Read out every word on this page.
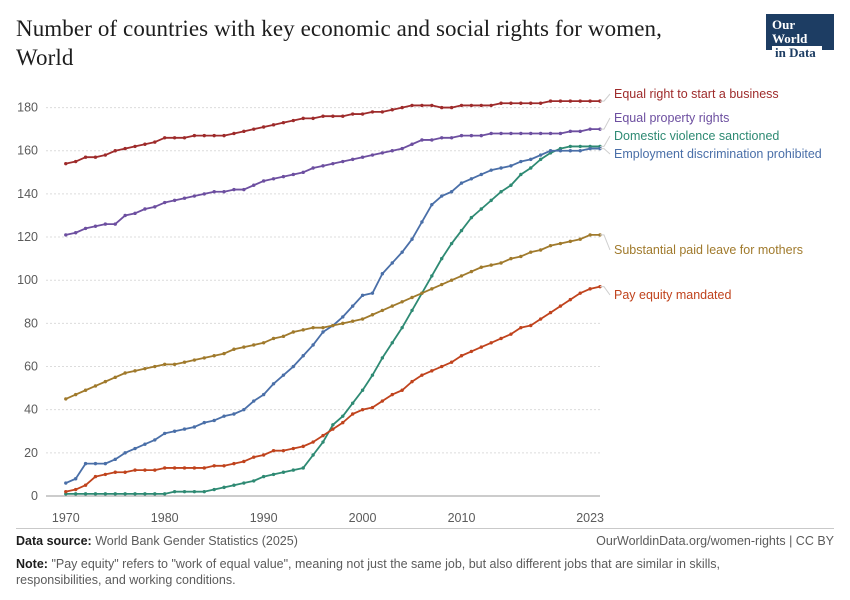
Number of countries with key economic and social rights for women, World
Our
World
in Data
0
20
40
60
80
100
120
140
160
180
1970	1980	1990	2000	2010	2023
Equal right to start a business
Equal property rights
Domestic violence sanctioned
Employment discrimination prohibited
Substantial paid leave for mothers
Pay equity mandated
Data source: World Bank Gender Statistics (2025)	OurWorldinData.org/women-rights | CC BY
Note: "Pay equity" refers to "work of equal value", meaning not just the same job, but also different jobs that are similar in skills, responsibilities, and working conditions.
